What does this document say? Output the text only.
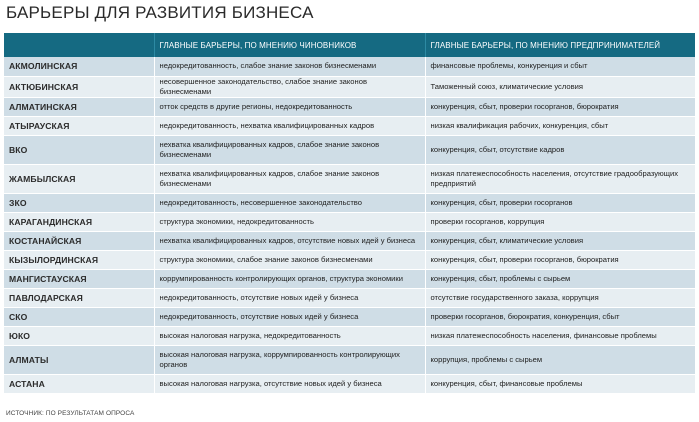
БАРЬЕРЫ ДЛЯ РАЗВИТИЯ БИЗНЕСА
	ГЛАВНЫЕ БАРЬЕРЫ, ПО МНЕНИЮ ЧИНОВНИКОВ	ГЛАВНЫЕ БАРЬЕРЫ, ПО МНЕНИЮ ПРЕДПРИНИМАТЕЛЕЙ
АКМОЛИНСКАЯ	недокредитованность, слабое знание законов бизнесменами	финансовые проблемы, конкуренция и сбыт
АКТЮБИНСКАЯ	несовершенное законодательство, слабое знание законов бизнесменами	Таможенный союз, климатические условия
АЛМАТИНСКАЯ	отток средств в другие регионы, недокредитованность	конкуренция, сбыт, проверки госорганов, бюрократия
АТЫРАУСКАЯ	недокредитованность, нехватка квалифицированных кадров	низкая квалификация рабочих, конкуренция, сбыт
ВКО	нехватка квалифицированных кадров, слабое знание законов бизнесменами	конкуренция, сбыт, отсутствие кадров
ЖАМБЫЛСКАЯ	нехватка квалифицированных кадров, слабое знание законов бизнесменами	низкая платежеспособность населения, отсутствие градообразующих предприятий
ЗКО	недокредитованность, несовершенное законодательство	конкуренция, сбыт, проверки госорганов
КАРАГАНДИНСКАЯ	структура экономики, недокредитованность	проверки госорганов, коррупция
КОСТАНАЙСКАЯ	нехватка квалифицированных кадров, отсутствие новых идей у бизнеса	конкуренция, сбыт, климатические условия
КЫЗЫЛОРДИНСКАЯ	структура экономики, слабое знание законов бизнесменами	конкуренция, сбыт, проверки госорганов, бюрократия
МАНГИСТАУСКАЯ	коррумпированность контролирующих органов, структура экономики	конкуренция, сбыт, проблемы с сырьем
ПАВЛОДАРСКАЯ	недокредитованность, отсутствие новых идей у бизнеса	отсутствие государственного заказа, коррупция
СКО	недокредитованность, отсутствие новых идей у бизнеса	проверки госорганов, бюрократия, конкуренция, сбыт
ЮКО	высокая налоговая нагрузка, недокредитованность	низкая платежеспособность населения, финансовые проблемы
АЛМАТЫ	высокая налоговая нагрузка, коррумпированность контролирующих органов	коррупция, проблемы с сырьем
АСТАНА	высокая налоговая нагрузка, отсутствие новых идей у бизнеса	конкуренция, сбыт, финансовые проблемы
ИСТОЧНИК: ПО РЕЗУЛЬТАТАМ ОПРОСА
